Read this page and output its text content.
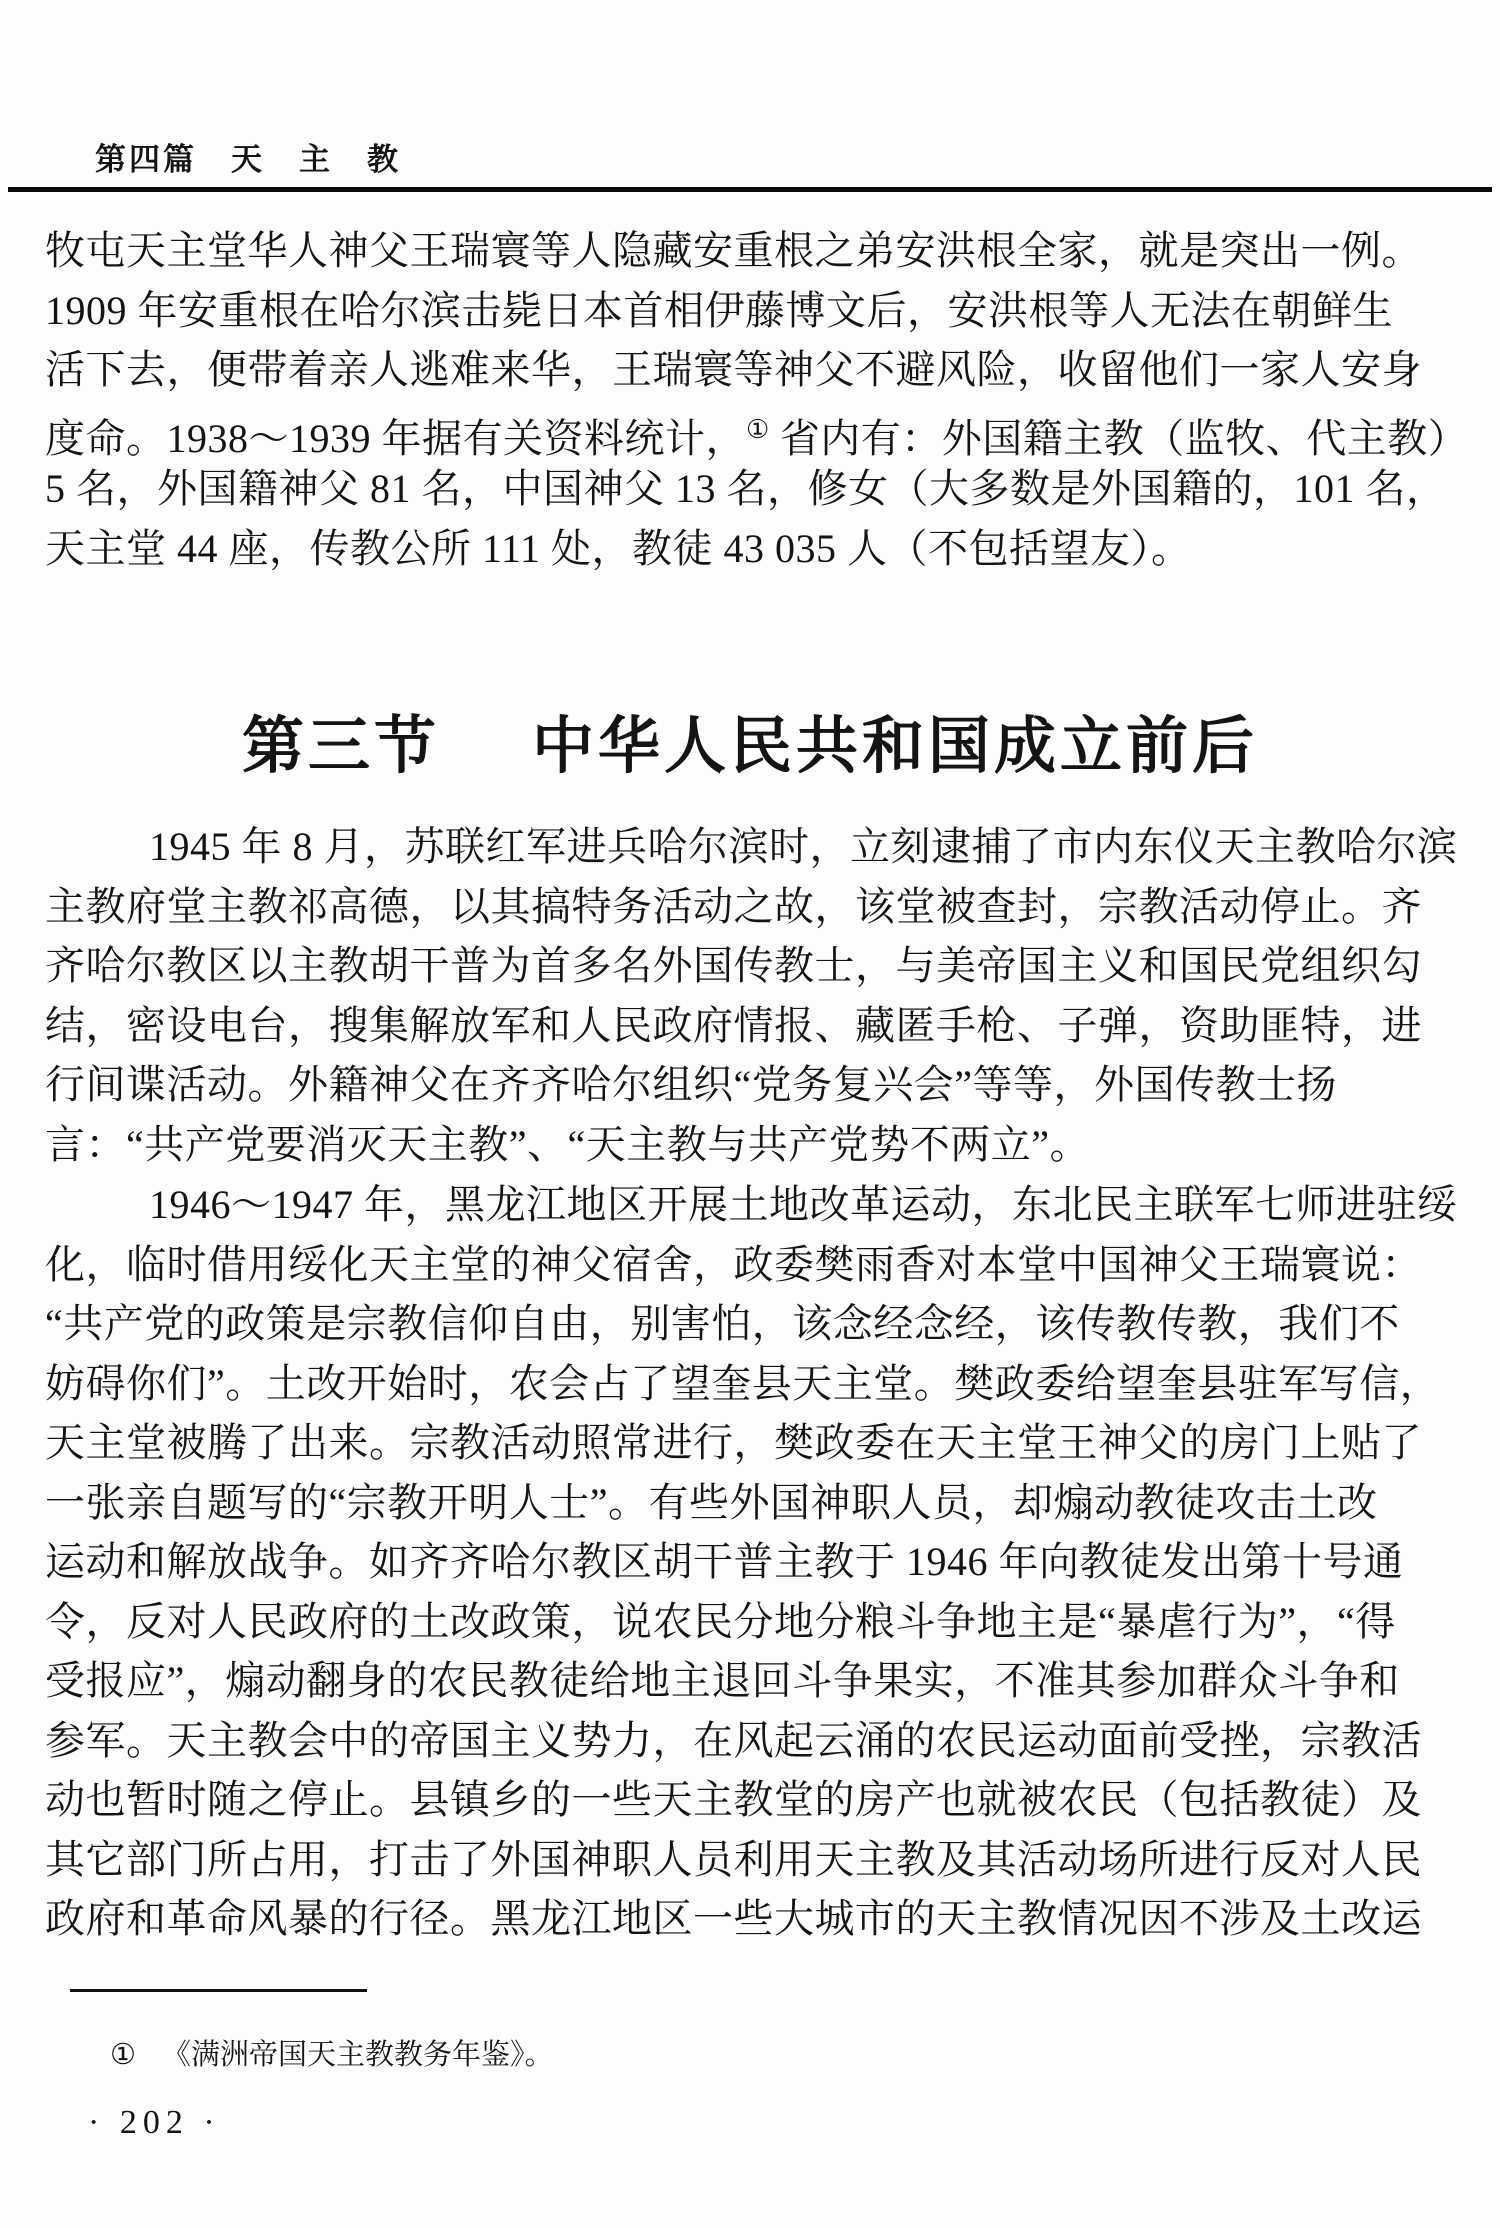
第四篇　天　主　教
牧屯天主堂华人神父王瑞寰等人隐藏安重根之弟安洪根全家，就是突出一例。
1909 年安重根在哈尔滨击毙日本首相伊藤博文后，安洪根等人无法在朝鲜生
活下去，便带着亲人逃难来华，王瑞寰等神父不避风险，收留他们一家人安身
度命。1938～1939 年据有关资料统计，① 省内有：外国籍主教（监牧、代主教）
5 名，外国籍神父 81 名，中国神父 13 名，修女（大多数是外国籍的，101 名，
天主堂 44 座，传教公所 111 处，教徒 43 035 人（不包括望友）。
第三节 中华人民共和国成立前后
1945 年 8 月，苏联红军进兵哈尔滨时，立刻逮捕了市内东仪天主教哈尔滨
主教府堂主教祁高德，以其搞特务活动之故，该堂被查封，宗教活动停止。齐
齐哈尔教区以主教胡干普为首多名外国传教士，与美帝国主义和国民党组织勾
结，密设电台，搜集解放军和人民政府情报、藏匿手枪、子弹，资助匪特，进
行间谍活动。外籍神父在齐齐哈尔组织“党务复兴会”等等，外国传教士扬
言：“共产党要消灭天主教”、“天主教与共产党势不两立”。
1946～1947 年，黑龙江地区开展土地改革运动，东北民主联军七师进驻绥
化，临时借用绥化天主堂的神父宿舍，政委樊雨香对本堂中国神父王瑞寰说：
“共产党的政策是宗教信仰自由，别害怕，该念经念经，该传教传教，我们不
妨碍你们”。土改开始时，农会占了望奎县天主堂。樊政委给望奎县驻军写信，
天主堂被腾了出来。宗教活动照常进行，樊政委在天主堂王神父的房门上贴了
一张亲自题写的“宗教开明人士”。有些外国神职人员，却煽动教徒攻击土改
运动和解放战争。如齐齐哈尔教区胡干普主教于 1946 年向教徒发出第十号通
令，反对人民政府的土改政策，说农民分地分粮斗争地主是“暴虐行为”，“得
受报应”，煽动翻身的农民教徒给地主退回斗争果实，不准其参加群众斗争和
参军。天主教会中的帝国主义势力，在风起云涌的农民运动面前受挫，宗教活
动也暂时随之停止。县镇乡的一些天主教堂的房产也就被农民（包括教徒）及
其它部门所占用，打击了外国神职人员利用天主教及其活动场所进行反对人民
政府和革命风暴的行径。黑龙江地区一些大城市的天主教情况因不涉及土改运
① 《满洲帝国天主教教务年鉴》。
· 202 ·
